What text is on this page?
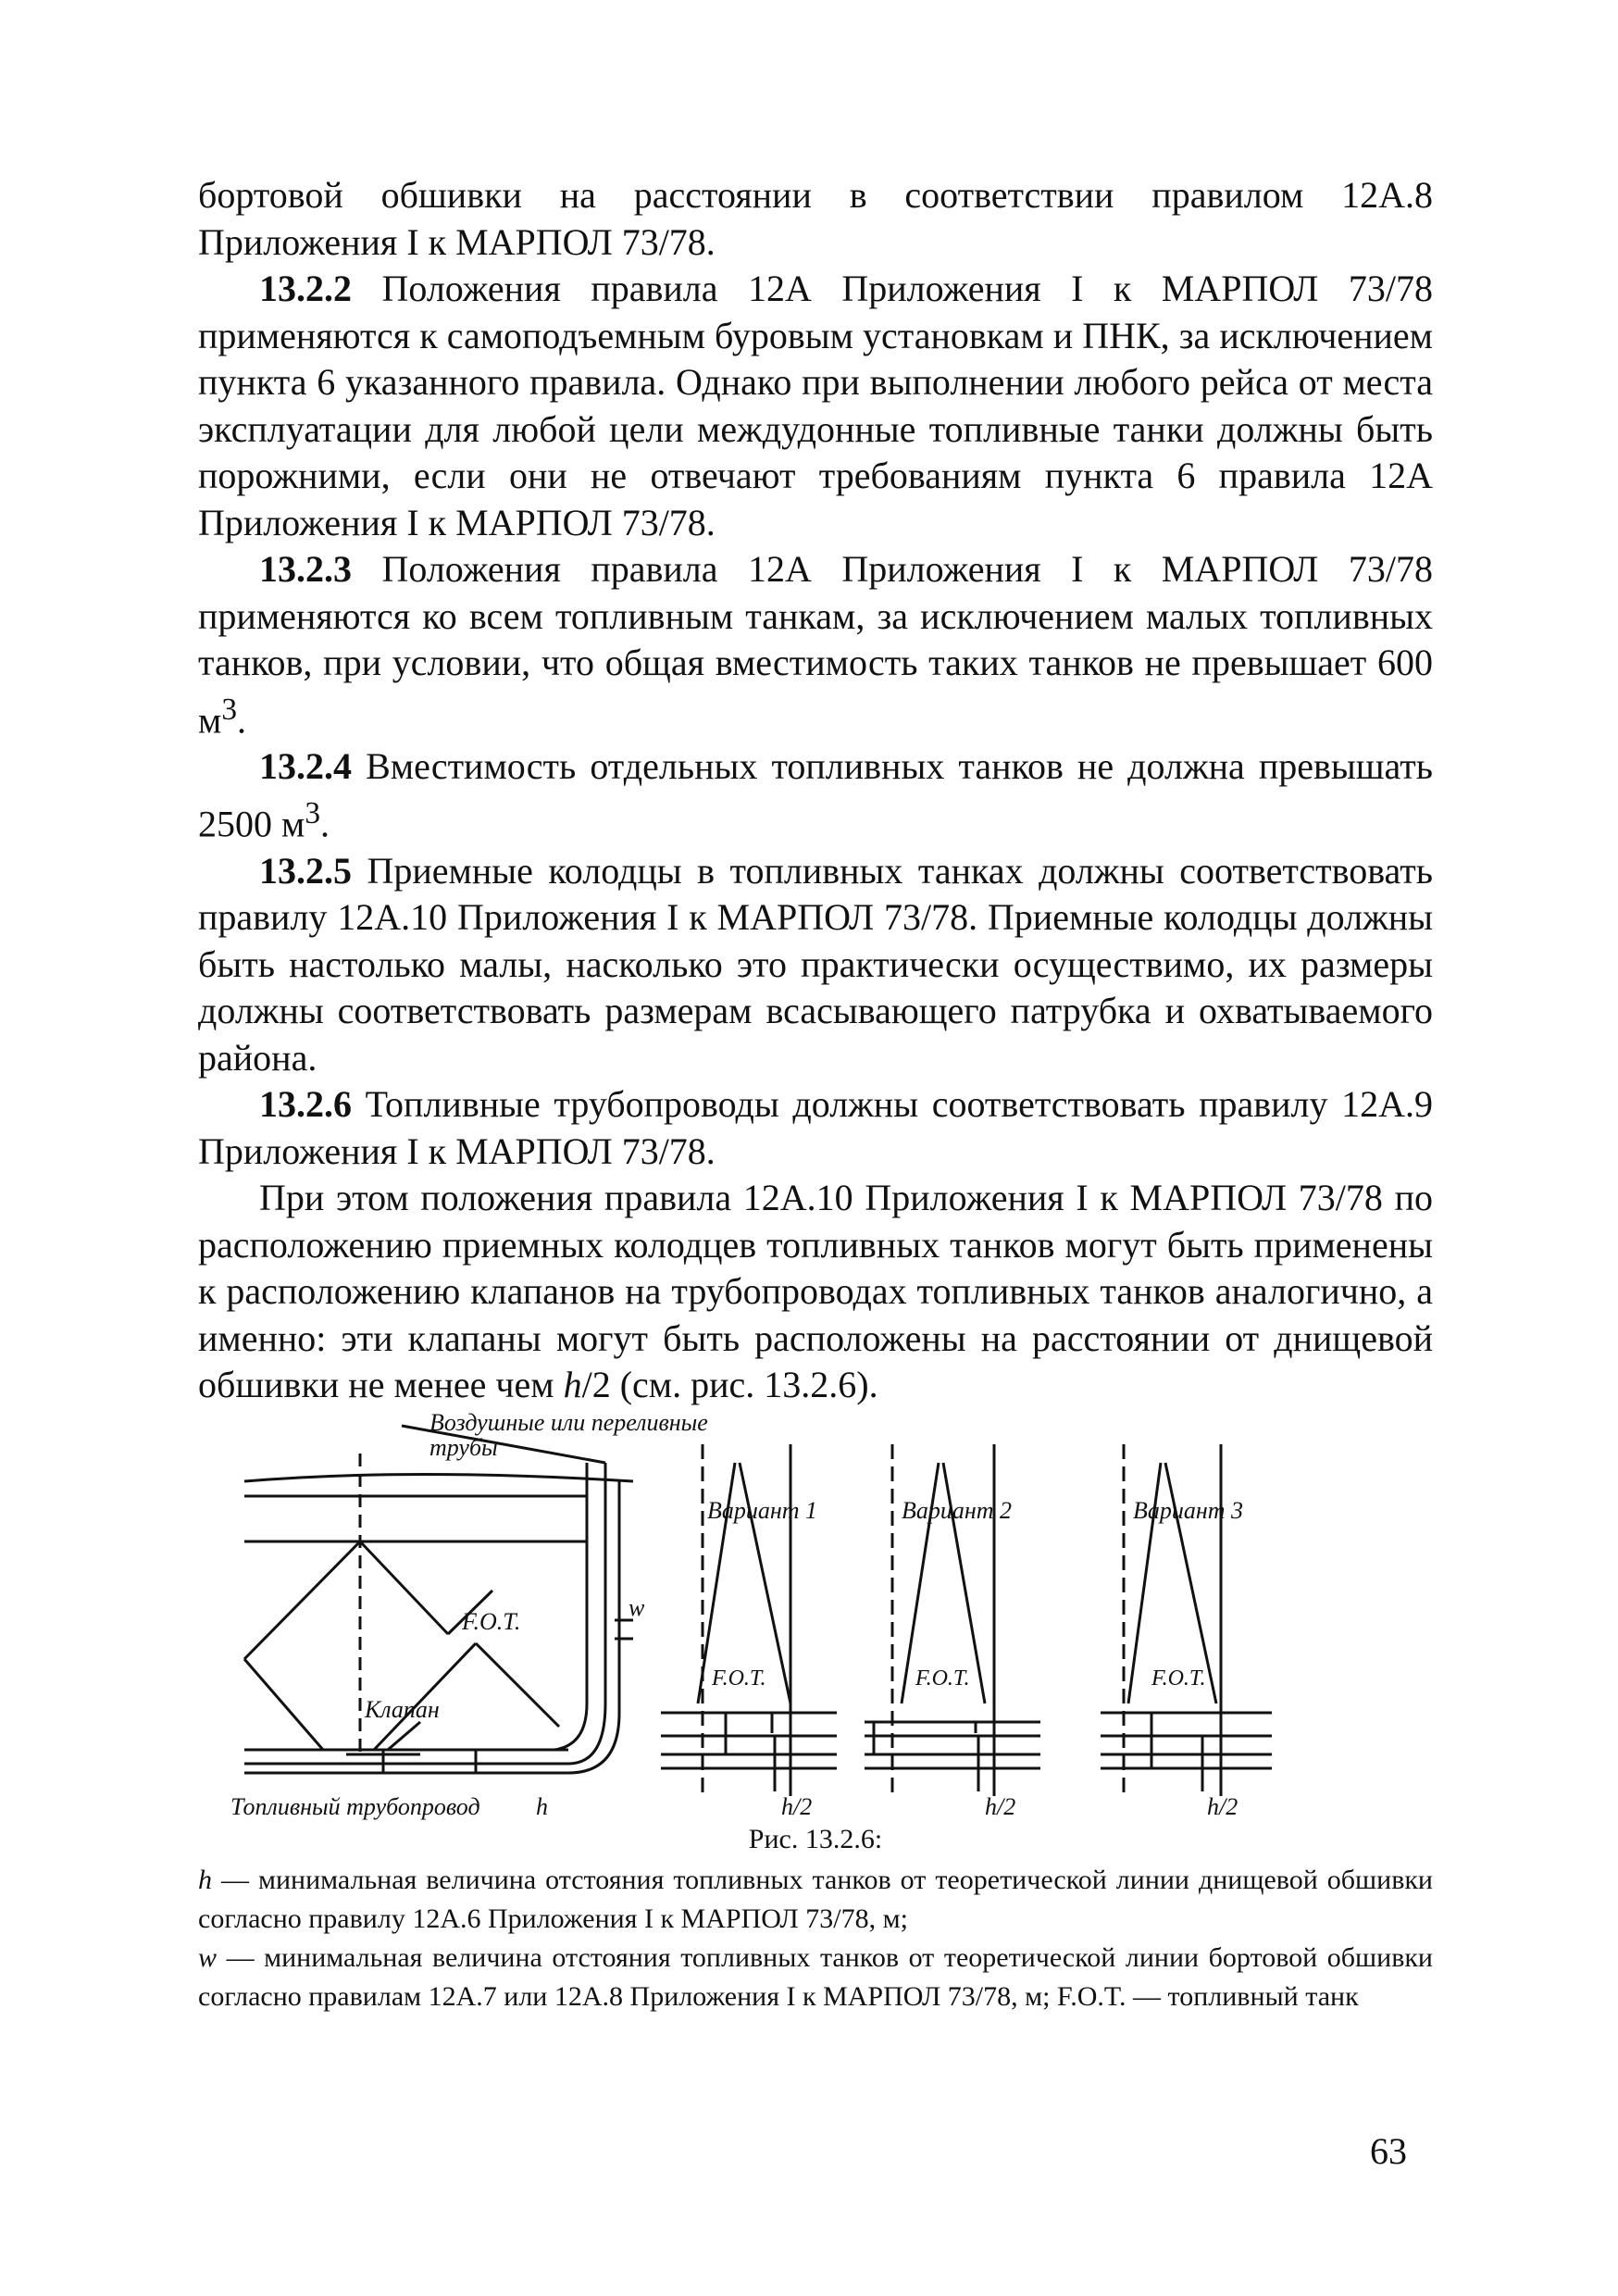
бортовой обшивки на расстоянии в соответствии правилом 12А.8 Приложения I к МАРПОЛ 73/78.

13.2.2 Положения правила 12А Приложения I к МАРПОЛ 73/78 применяются к самоподъемным буровым установкам и ПНК, за исключением пункта 6 указанного правила. Однако при выполнении любого рейса от места эксплуатации для любой цели междудонные топливные танки должны быть порожними, если они не отвечают требованиям пункта 6 правила 12А Приложения I к МАРПОЛ 73/78.

13.2.3 Положения правила 12А Приложения I к МАРПОЛ 73/78 применяются ко всем топливным танкам, за исключением малых топливных танков, при условии, что общая вместимость таких танков не превышает 600 $м^3$.

13.2.4 Вместимость отдельных топливных танков не должна превышать 2500 $м^3$.

13.2.5 Приемные колодцы в топливных танках должны соответствовать правилу 12А.10 Приложения I к МАРПОЛ 73/78. Приемные колодцы должны быть настолько малы, насколько это практически осуществимо, их размеры должны соответствовать размерам всасывающего патрубка и охватываемого района.

13.2.6 Топливные трубопроводы должны соответствовать правилу 12А.9 Приложения I к МАРПОЛ 73/78.

При этом положения правила 12А.10 Приложения I к МАРПОЛ 73/78 по расположению приемных колодцев топливных танков могут быть применены к расположению клапанов на трубопроводах топливных танков аналогично, а именно: эти клапаны могут быть расположены на расстоянии от днищевой обшивки не менее чем h/2 (см. рис. 13.2.6).

Воздушные или переливные
трубы
F.O.T.
w
Клапан
Топливный трубопровод h
Вариант 1
F.O.T.
h/2
Вариант 2
F.O.T.
h/2
Вариант 3
F.O.T.
h/2
Рис. 13.2.6:

h — минимальная величина отстояния топливных танков от теоретической линии днищевой обшивки согласно правилу 12А.6 Приложения I к МАРПОЛ 73/78, м;

w — минимальная величина отстояния топливных танков от теоретической линии бортовой обшивки согласно правилам 12А.7 или 12А.8 Приложения I к МАРПОЛ 73/78, м; F.O.T. — топливный танк

63
